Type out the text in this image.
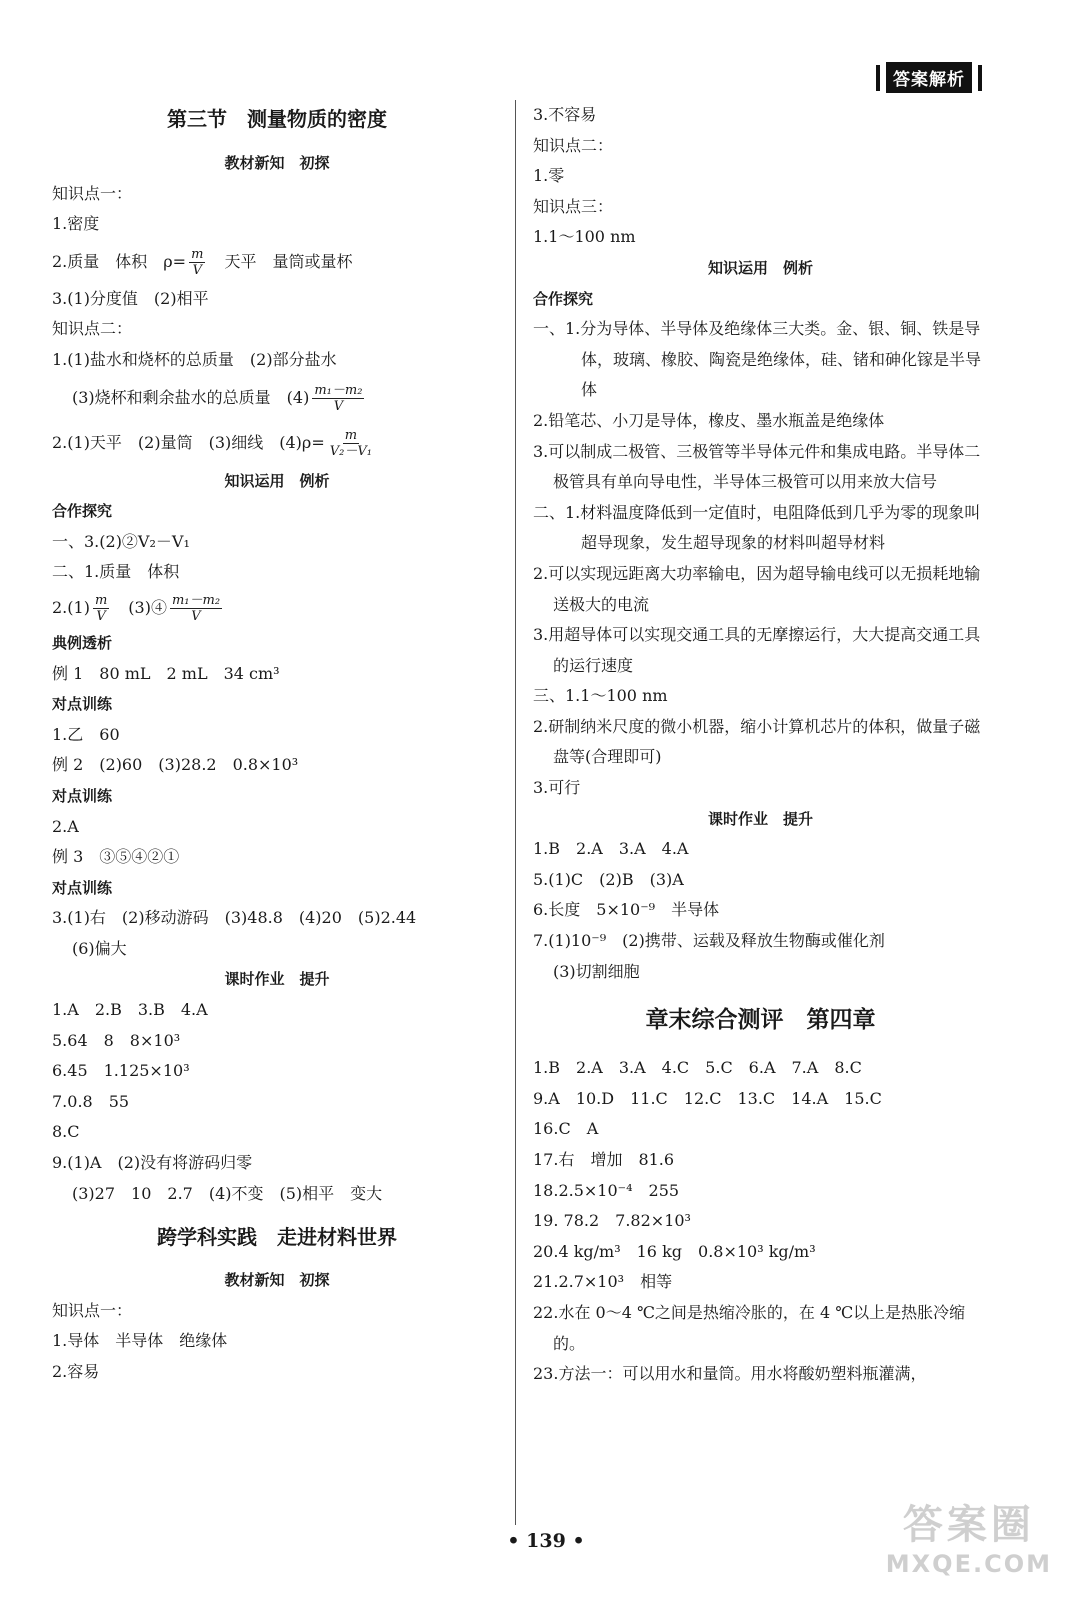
答案解析
第三节　测量物质的密度
教材新知　初探
知识点一：
1.密度
2.质量　体积　$\rho= \frac{m}{V}$
　 天平　量筒或量杯
3.(1)分度值　(2)相平
知识点二：
1.(1)盐水和烧杯的总质量　(2)部分盐水
(3)烧杯和剩余盐水的总质量　$(4) \frac{\text{m₁－m₂}}{V}$
2.(1)天平　(2)量筒　(3)细线　$(4)\rho= \frac{m}{\text{V₂－V₁}}$
知识运用　例析
合作探究
一、3.(2)②V₂－V₁
二、1.质量　体积
$2.(1) \frac{m}{V}$
　 (3)④ $\frac{\text{m₁－m₂}}{V}$
典例透析
例 1　80 mL　2 mL　34 cm³
对点训练
1.乙　60
例 2　(2)60　(3)28.2　0.8×10³
对点训练
2.A
例 3　③⑤④②①
对点训练
3.(1)右　(2)移动游码　(3)48.8　(4)20　(5)2.44
(6)偏大
课时作业　提升
1.A　2.B　3.B　4.A
5.64　8　8×10³
6.45　1.125×10³
7.0.8　55
8.C
9.(1)A　(2)没有将游码归零
(3)27　10　2.7　(4)不变　(5)相平　变大
跨学科实践　走进材料世界
教材新知　初探
知识点一：
1.导体　半导体　绝缘体
2.容易
3.不容易
知识点二：
1.零
知识点三：
1.1～100 nm
知识运用　例析
合作探究
一、1.分为导体、半导体及绝缘体三大类。金、银、铜、铁是导体，玻璃、橡胶、陶瓷是绝缘体，硅、锗和砷化镓是半导体
2.铅笔芯、小刀是导体，橡皮、墨水瓶盖是绝缘体
3.可以制成二极管、三极管等半导体元件和集成电路。半导体二极管具有单向导电性，半导体三极管可以用来放大信号
二、1.材料温度降低到一定值时，电阻降低到几乎为零的现象叫超导现象，发生超导现象的材料叫超导材料
2.可以实现远距离大功率输电，因为超导输电线可以无损耗地输送极大的电流
3.用超导体可以实现交通工具的无摩擦运行，大大提高交通工具的运行速度
三、1.1～100 nm
2.研制纳米尺度的微小机器，缩小计算机芯片的体积，做量子磁盘等(合理即可)
3.可行
课时作业　提升
1.B　2.A　3.A　4.A
5.(1)C　(2)B　(3)A
6.长度　5×10⁻⁹　半导体
7.(1)10⁻⁹　(2)携带、运载及释放生物酶或催化剂
(3)切割细胞
章末综合测评　第四章
1.B　2.A　3.A　4.C　5.C　6.A　7.A　8.C
9.A　10.D　11.C　12.C　13.C　14.A　15.C
16.C　A
17.右　增加　81.6
18.2.5×10⁻⁴　255
19. 78.2　7.82×10³
20.4 kg/m³　16 kg　0.8×10³ kg/m³
21.2.7×10³　相等
22.水在 0～4 ℃之间是热缩冷胀的，在 4 ℃以上是热胀冷缩的。
23.方法一：可以用水和量筒。用水将酸奶塑料瓶灌满，
• 139 •	答案圈
MXQE.COM
